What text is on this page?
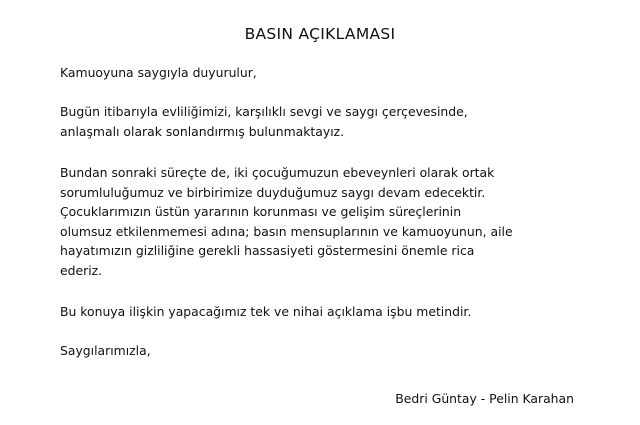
BASIN AÇIKLAMASI
Kamuoyuna saygıyla duyurulur,
Bugün itibarıyla evliliğimizi, karşılıklı sevgi ve saygı çerçevesinde,
anlaşmalı olarak sonlandırmış bulunmaktayız.
Bundan sonraki süreçte de, iki çocuğumuzun ebeveynleri olarak ortak
sorumluluğumuz ve birbirimize duyduğumuz saygı devam edecektir.
Çocuklarımızın üstün yararının korunması ve gelişim süreçlerinin
olumsuz etkilenmemesi adına; basın mensuplarının ve kamuoyunun, aile
hayatımızın gizliliğine gerekli hassasiyeti göstermesini önemle rica
ederiz.
Bu konuya ilişkin yapacağımız tek ve nihai açıklama işbu metindir.
Saygılarımızla,
Bedri Güntay - Pelin Karahan
